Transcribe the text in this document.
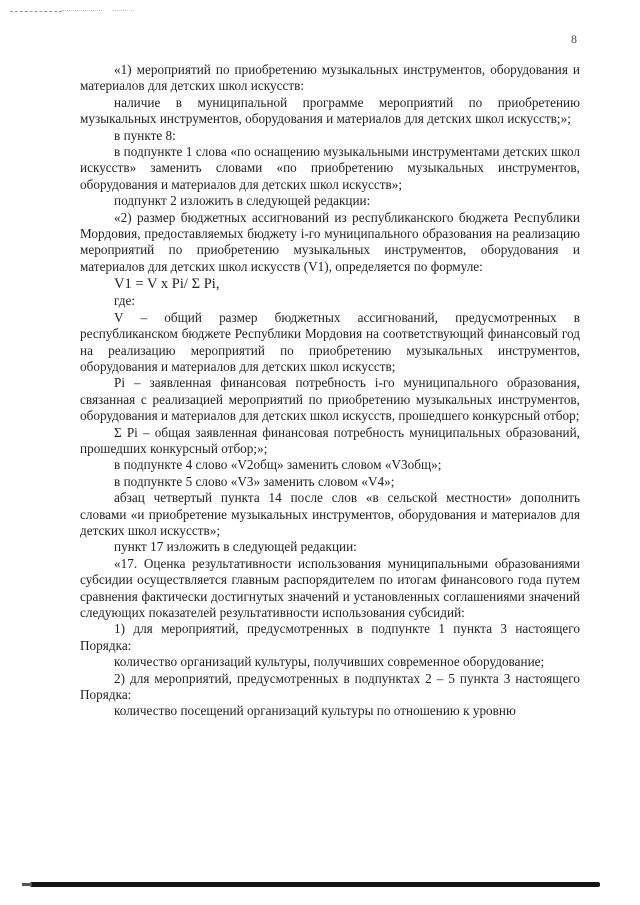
8

«1) мероприятий по приобретению музыкальных инструментов, оборудования и материалов для детских школ искусств:

наличие в муниципальной программе мероприятий по приобретению музыкальных инструментов, оборудования и материалов для детских школ искусств;»;

в пункте 8:

в подпункте 1 слова «по оснащению музыкальными инструментами детских школ искусств» заменить словами «по приобретению музыкальных инструментов, оборудования и материалов для детских школ искусств»;

подпункт 2 изложить в следующей редакции:

«2) размер бюджетных ассигнований из республиканского бюджета Республики Мордовия, предоставляемых бюджету i-го муниципального образования на реализацию мероприятий по приобретению музыкальных инструментов, оборудования и материалов для детских школ искусств (V1), определяется по формуле:

V1 = V x Pi/ Σ Pi,

где:

V – общий размер бюджетных ассигнований, предусмотренных в республиканском бюджете Республики Мордовия на соответствующий финансовый год на реализацию мероприятий по приобретению музыкальных инструментов, оборудования и материалов для детских школ искусств;

Pi – заявленная финансовая потребность i-го муниципального образования, связанная с реализацией мероприятий по приобретению музыкальных инструментов, оборудования и материалов для детских школ искусств, прошедшего конкурсный отбор;

Σ Pi – общая заявленная финансовая потребность муниципальных образований, прошедших конкурсный отбор;»;

в подпункте 4 слово «V2общ» заменить словом «V3общ»;

в подпункте 5 слово «V3» заменить словом «V4»;

абзац четвертый пункта 14 после слов «в сельской местности» дополнить словами «и приобретение музыкальных инструментов, оборудования и материалов для детских школ искусств»;

пункт 17 изложить в следующей редакции:

«17. Оценка результативности использования муниципальными образованиями субсидии осуществляется главным распорядителем по итогам финансового года путем сравнения фактически достигнутых значений и установленных соглашениями значений следующих показателей результативности использования субсидий:

1) для мероприятий, предусмотренных в подпункте 1 пункта 3 настоящего Порядка:

количество организаций культуры, получивших современное оборудование;

2) для мероприятий, предусмотренных в подпунктах 2 – 5 пункта 3 настоящего Порядка:

количество посещений организаций культуры по отношению к уровню
